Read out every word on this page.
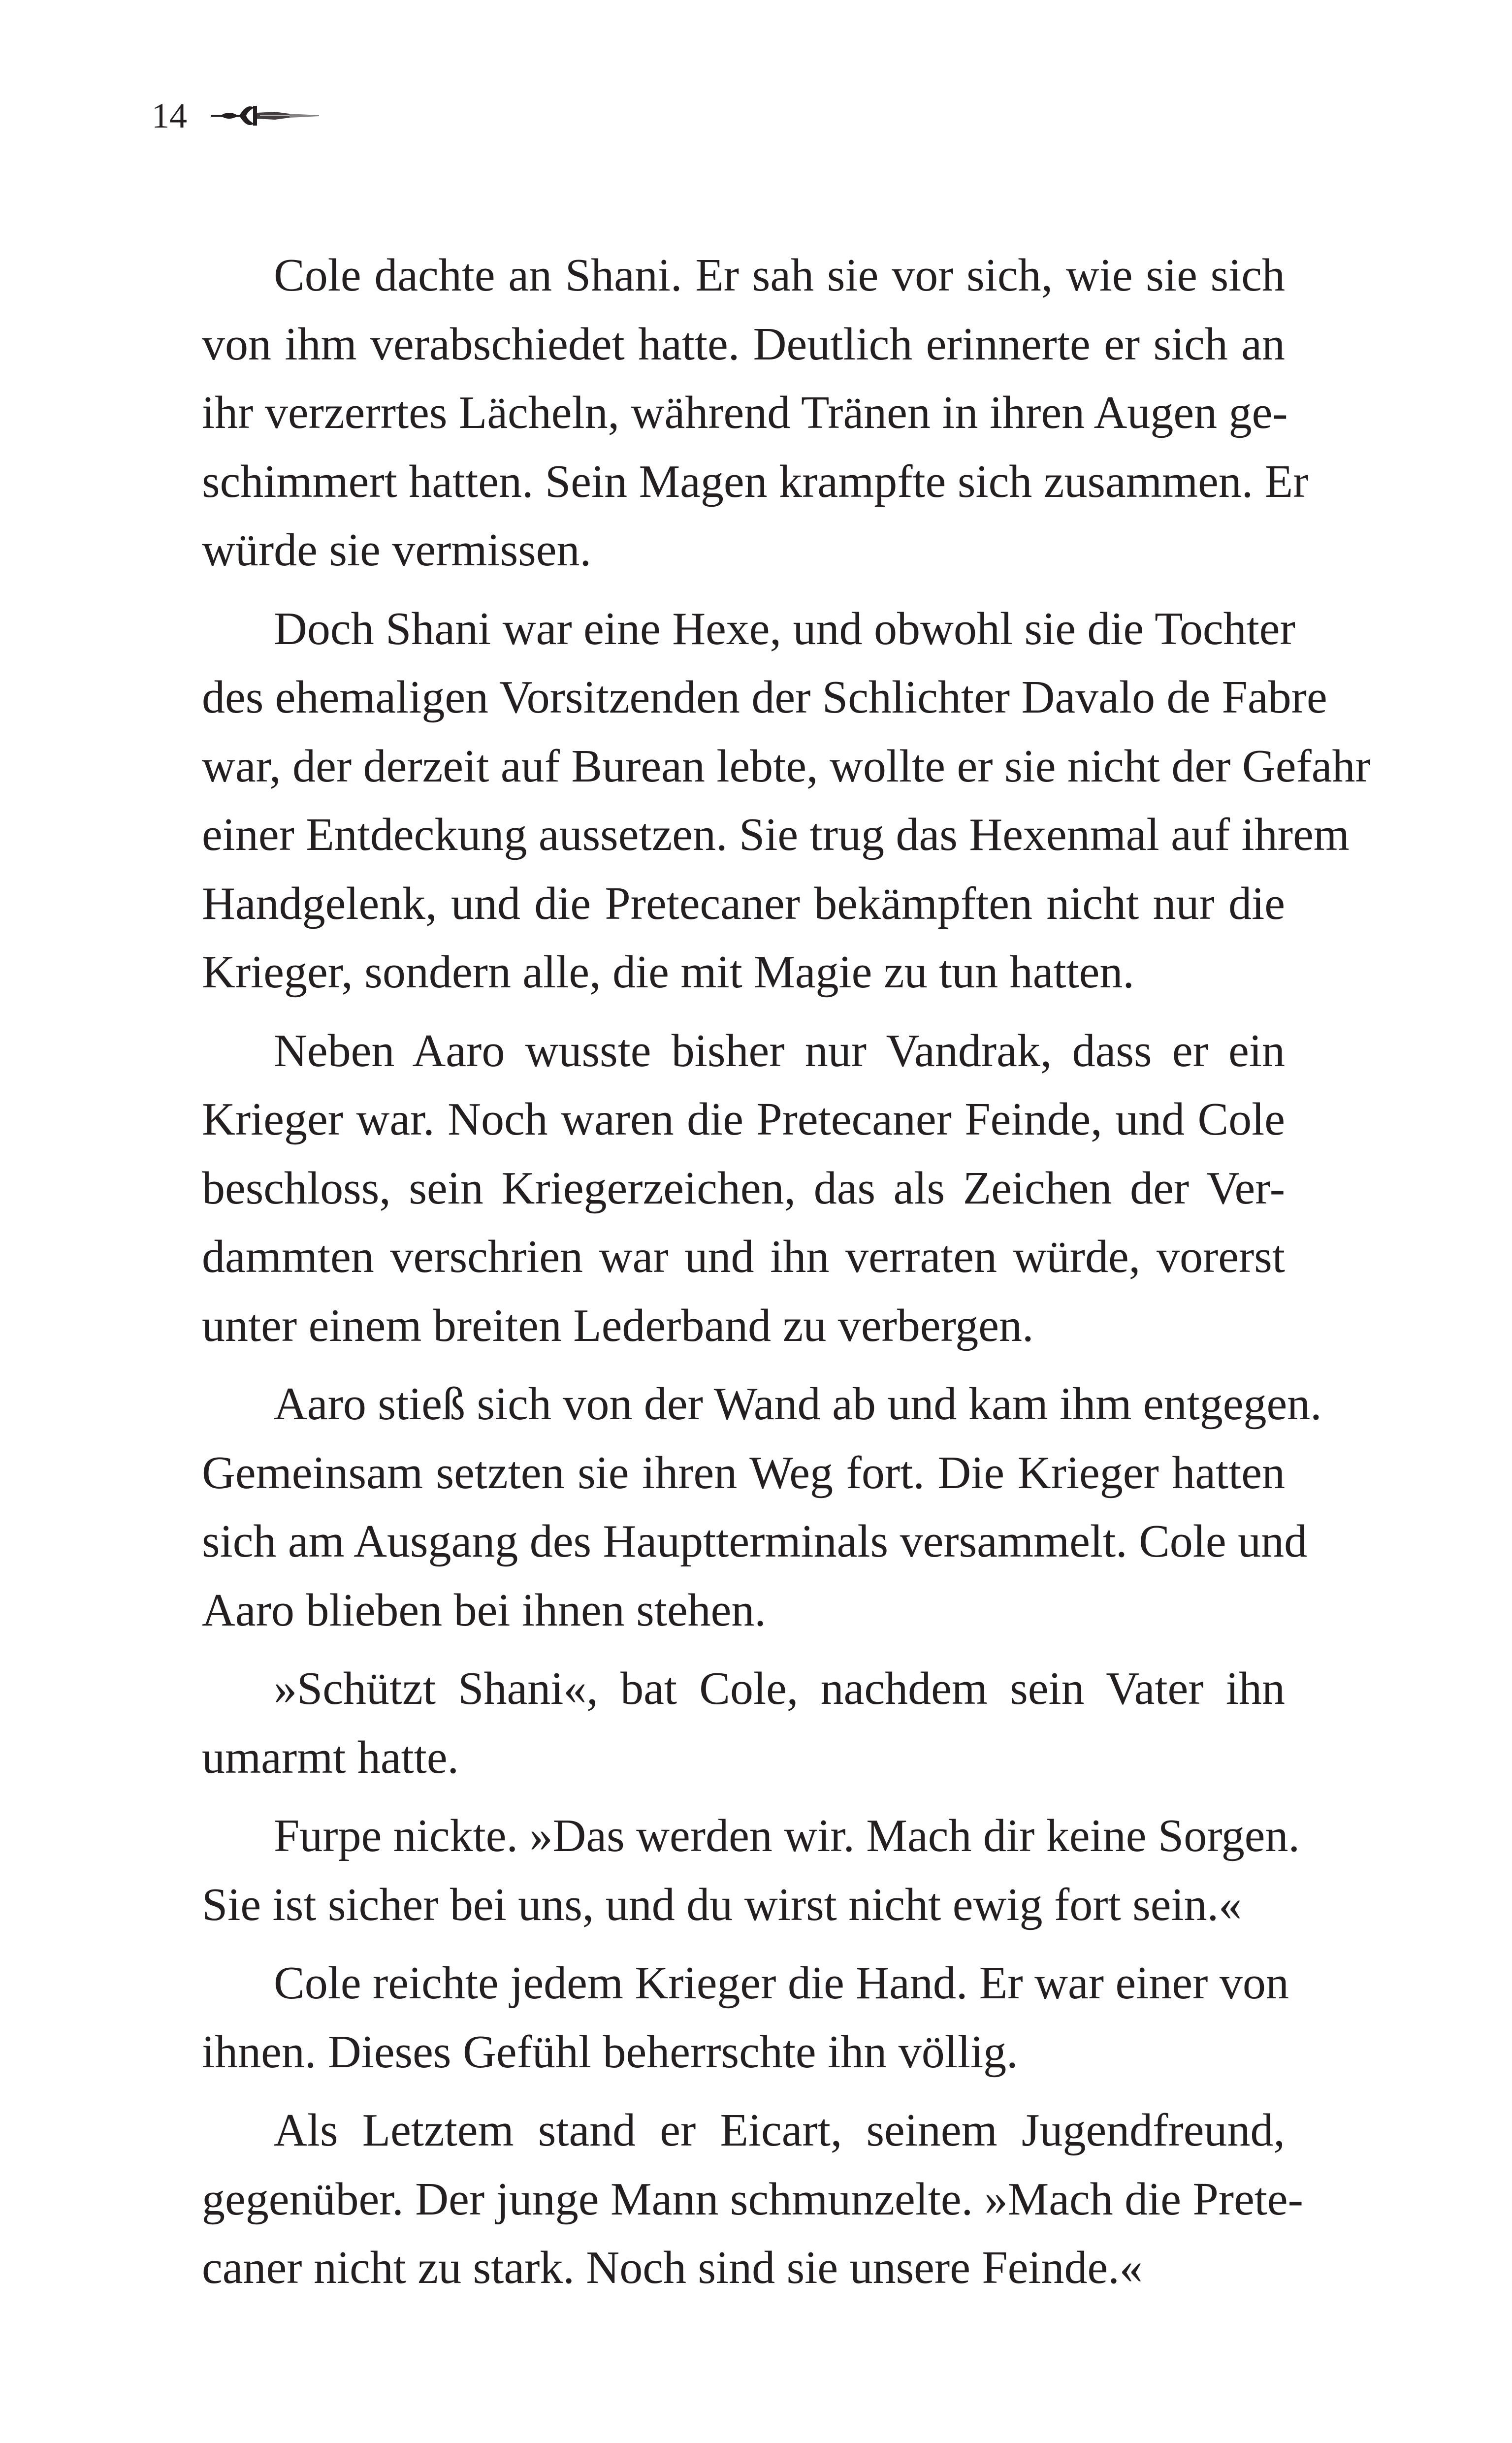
14

Cole dachte an Shani. Er sah sie vor sich, wie sie sich
von ihm verabschiedet hatte. Deutlich erinnerte er sich an
ihr verzerrtes Lächeln, während Tränen in ihren Augen ge-
schimmert hatten. Sein Magen krampfte sich zusammen. Er
würde sie vermissen.

Doch Shani war eine Hexe, und obwohl sie die Tochter
des ehemaligen Vorsitzenden der Schlichter Davalo de Fabre
war, der derzeit auf Burean lebte, wollte er sie nicht der Gefahr
einer Entdeckung aussetzen. Sie trug das Hexenmal auf ihrem
Handgelenk, und die Pretecaner bekämpften nicht nur die
Krieger, sondern alle, die mit Magie zu tun hatten.

Neben Aaro wusste bisher nur Vandrak, dass er ein
Krieger war. Noch waren die Pretecaner Feinde, und Cole
beschloss, sein Kriegerzeichen, das als Zeichen der Ver-
dammten verschrien war und ihn verraten würde, vorerst
unter einem breiten Lederband zu verbergen.

Aaro stieß sich von der Wand ab und kam ihm entgegen.
Gemeinsam setzten sie ihren Weg fort. Die Krieger hatten
sich am Ausgang des Hauptterminals versammelt. Cole und
Aaro blieben bei ihnen stehen.

»Schützt Shani«, bat Cole, nachdem sein Vater ihn
umarmt hatte.

Furpe nickte. »Das werden wir. Mach dir keine Sorgen.
Sie ist sicher bei uns, und du wirst nicht ewig fort sein.«

Cole reichte jedem Krieger die Hand. Er war einer von
ihnen. Dieses Gefühl beherrschte ihn völlig.

Als Letztem stand er Eicart, seinem Jugendfreund,
gegenüber. Der junge Mann schmunzelte. »Mach die Prete-
caner nicht zu stark. Noch sind sie unsere Feinde.«
